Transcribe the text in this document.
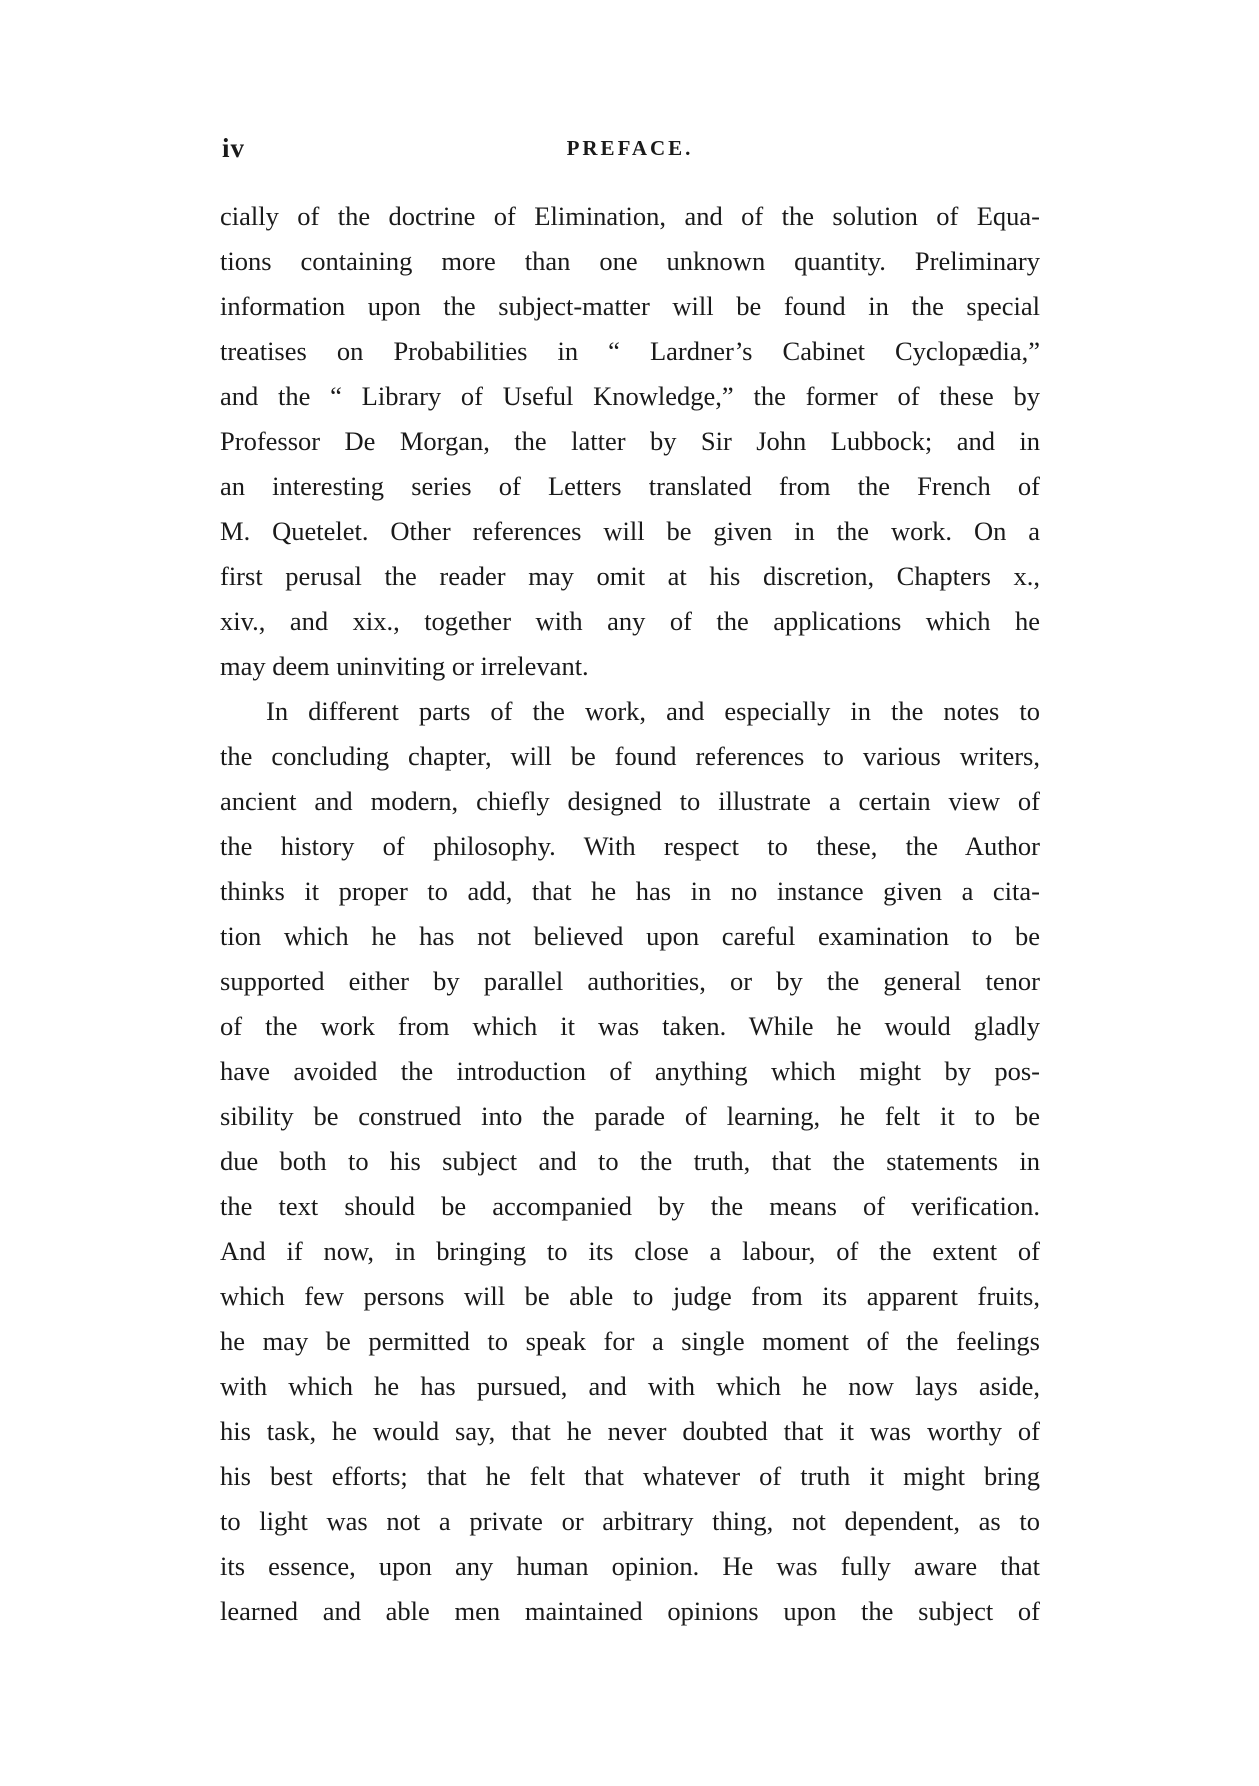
iv	PREFACE.
cially of the doctrine of Elimination, and of the solution of Equa-
tions containing more than one unknown quantity. Preliminary
information upon the subject-matter will be found in the special
treatises on Probabilities in “ Lardner’s Cabinet Cyclopædia,”
and the “ Library of Useful Knowledge,” the former of these by
Professor De Morgan, the latter by Sir John Lubbock; and in
an interesting series of Letters translated from the French of
M. Quetelet. Other references will be given in the work. On a
first perusal the reader may omit at his discretion, Chapters x.,
xiv., and xix., together with any of the applications which he
may deem uninviting or irrelevant.
In different parts of the work, and especially in the notes to
the concluding chapter, will be found references to various writers,
ancient and modern, chiefly designed to illustrate a certain view of
the history of philosophy. With respect to these, the Author
thinks it proper to add, that he has in no instance given a cita-
tion which he has not believed upon careful examination to be
supported either by parallel authorities, or by the general tenor
of the work from which it was taken. While he would gladly
have avoided the introduction of anything which might by pos-
sibility be construed into the parade of learning, he felt it to be
due both to his subject and to the truth, that the statements in
the text should be accompanied by the means of verification.
And if now, in bringing to its close a labour, of the extent of
which few persons will be able to judge from its apparent fruits,
he may be permitted to speak for a single moment of the feelings
with which he has pursued, and with which he now lays aside,
his task, he would say, that he never doubted that it was worthy of
his best efforts; that he felt that whatever of truth it might bring
to light was not a private or arbitrary thing, not dependent, as to
its essence, upon any human opinion. He was fully aware that
learned and able men maintained opinions upon the subject of
